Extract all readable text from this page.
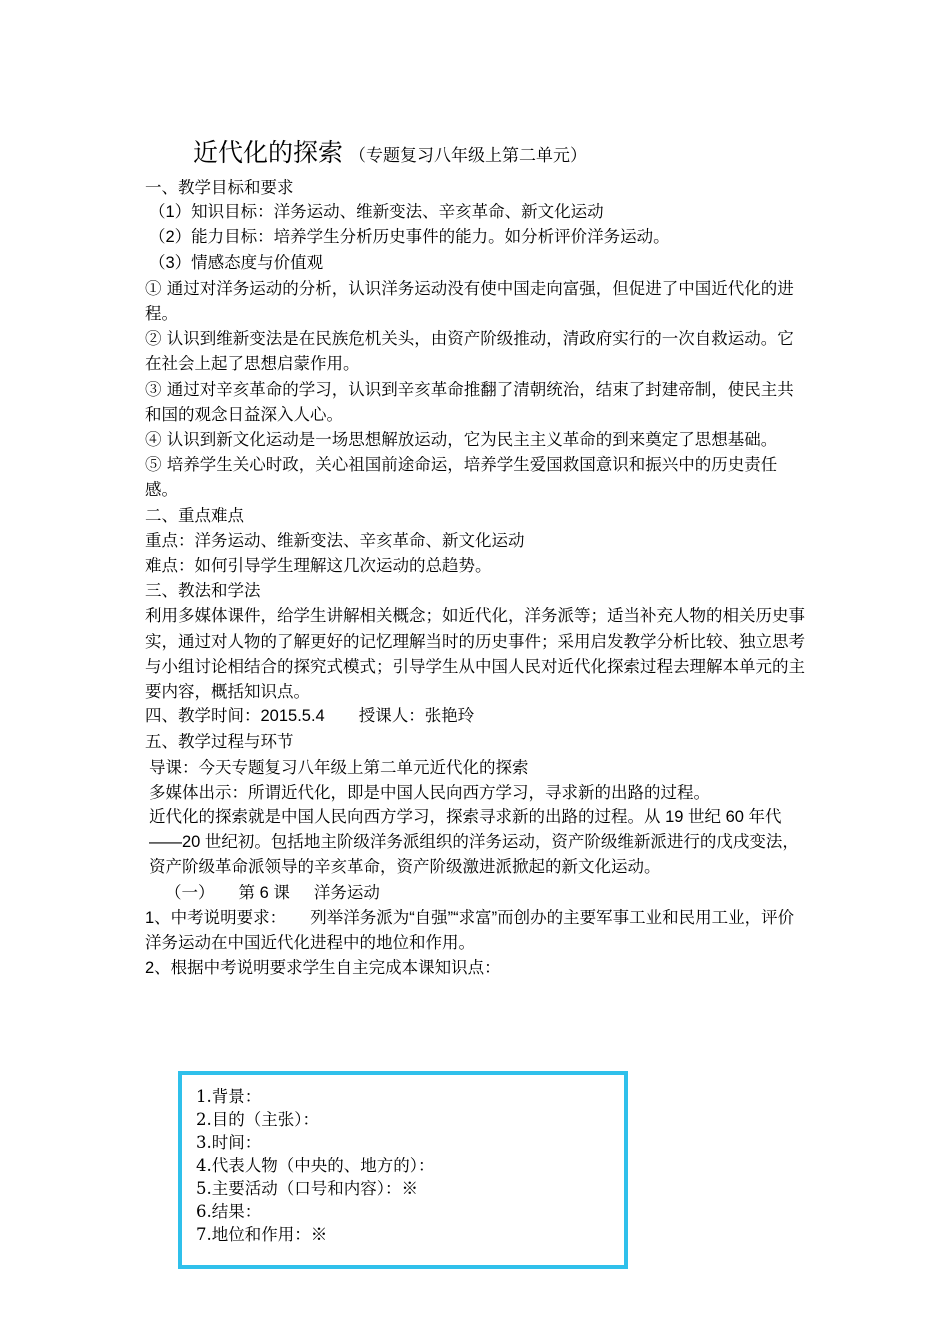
近代化的探索 （专题复习八年级上第二单元）

一、教学目标和要求

（1）知识目标：洋务运动、维新变法、辛亥革命、新文化运动

（2）能力目标：培养学生分析历史事件的能力。如分析评价洋务运动。

（3）情感态度与价值观

① 通过对洋务运动的分析，认识洋务运动没有使中国走向富强，但促进了中国近代化的进程。

② 认识到维新变法是在民族危机关头，由资产阶级推动，清政府实行的一次自救运动。它在社会上起了思想启蒙作用。

③ 通过对辛亥革命的学习，认识到辛亥革命推翻了清朝统治，结束了封建帝制，使民主共和国的观念日益深入人心。

④ 认识到新文化运动是一场思想解放运动，它为民主主义革命的到来奠定了思想基础。

⑤ 培养学生关心时政，关心祖国前途命运，培养学生爱国救国意识和振兴中的历史责任感。

二、重点难点

重点：洋务运动、维新变法、辛亥革命、新文化运动

难点：如何引导学生理解这几次运动的总趋势。

三、教法和学法

利用多媒体课件，给学生讲解相关概念；如近代化，洋务派等；适当补充人物的相关历史事实，通过对人物的了解更好的记忆理解当时的历史事件；采用启发教学分析比较、独立思考与小组讨论相结合的探究式模式；引导学生从中国人民对近代化探索过程去理解本单元的主要内容，概括知识点。

四、教学时间：2015.5.4 授课人：张艳玲

五、教学过程与环节

导课：今天专题复习八年级上第二单元近代化的探索

多媒体出示：所谓近代化，即是中国人民向西方学习，寻求新的出路的过程。

近代化的探索就是中国人民向西方学习，探索寻求新的出路的过程。从 19 世纪 60 年代——20 世纪初。包括地主阶级洋务派组织的洋务运动，资产阶级维新派进行的戊戌变法，资产阶级革命派领导的辛亥革命，资产阶级激进派掀起的新文化运动。

（一） 第 6 课 洋务运动

1、中考说明要求： 列举洋务派为“自强”“求富”而创办的主要军事工业和民用工业，评价洋务运动在中国近代化进程中的地位和作用。

2、根据中考说明要求学生自主完成本课知识点：

1.背景：

2.目的（主张）：

3.时间：

4.代表人物（中央的、地方的）：

5.主要活动（口号和内容）：※

6.结果：

7.地位和作用：※
